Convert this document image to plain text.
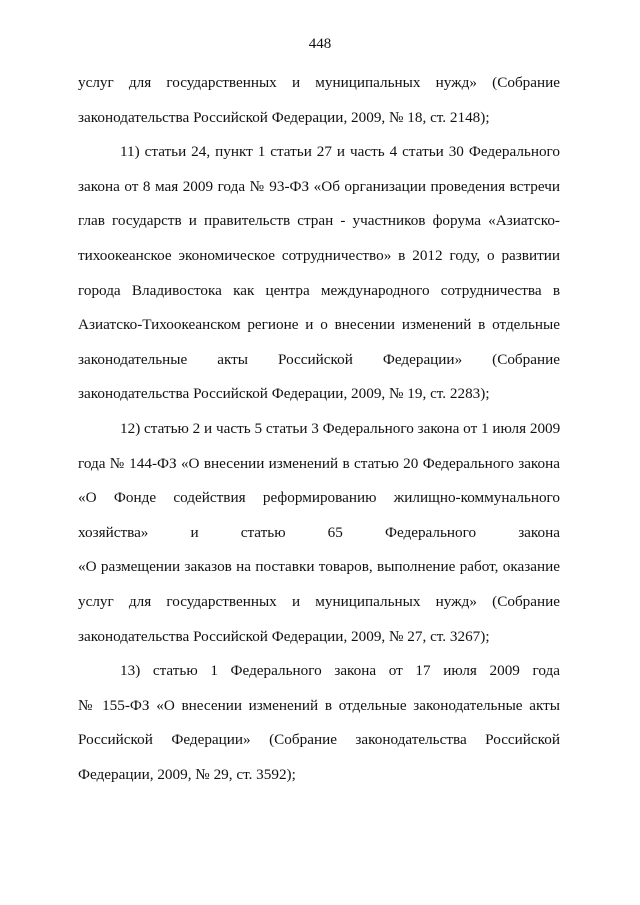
448
услуг для государственных и муниципальных нужд» (Собрание
законодательства Российской Федерации, 2009, № 18, ст. 2148);
11) статьи 24, пункт 1 статьи 27 и часть 4 статьи 30 Федерального
закона от 8 мая 2009 года № 93-ФЗ «Об организации проведения встречи
глав государств и правительств стран - участников форума «Азиатско-
тихоокеанское экономическое сотрудничество» в 2012 году, о развитии
города Владивостока как центра международного сотрудничества в
Азиатско-Тихоокеанском регионе и о внесении изменений в отдельные
законодательные акты Российской Федерации» (Собрание
законодательства Российской Федерации, 2009, № 19, ст. 2283);
12) статью 2 и часть 5 статьи 3 Федерального закона от 1 июля 2009
года № 144-ФЗ «О внесении изменений в статью 20 Федерального закона
«О Фонде содействия реформированию жилищно-коммунального
хозяйства» и статью 65 Федерального закона
«О размещении заказов на поставки товаров, выполнение работ, оказание
услуг для государственных и муниципальных нужд» (Собрание
законодательства Российской Федерации, 2009, № 27, ст. 3267);
13) статью 1 Федерального закона от 17 июля 2009 года
№ 155-ФЗ «О внесении изменений в отдельные законодательные акты
Российской Федерации» (Собрание законодательства Российской
Федерации, 2009, № 29, ст. 3592);
